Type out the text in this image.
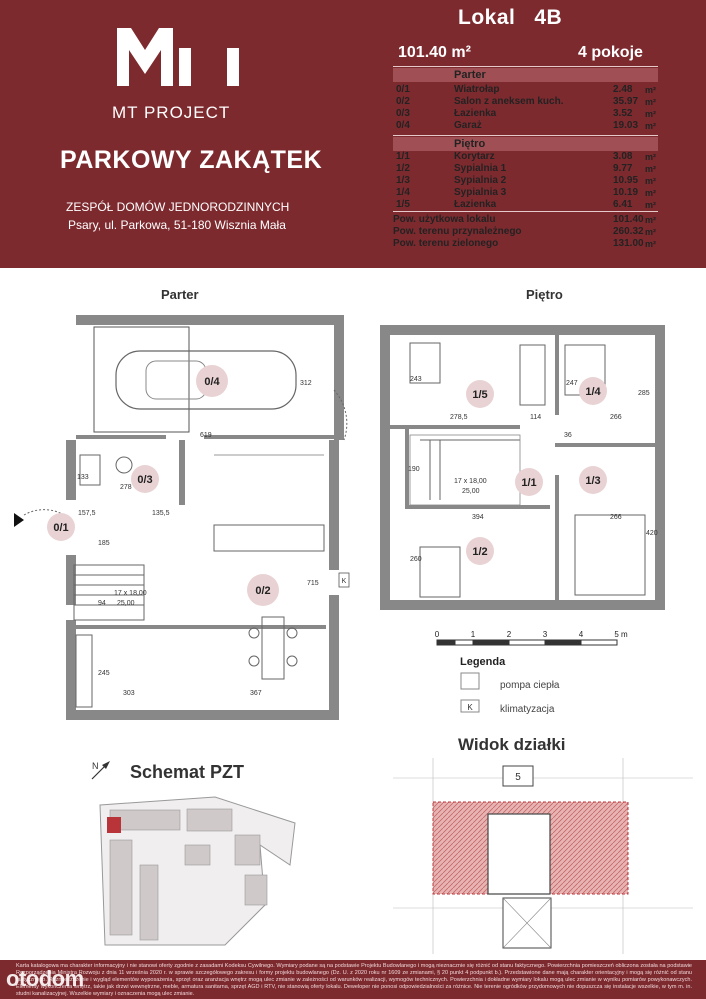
MT PROJECT
PARKOWY ZAKĄTEK
ZESPÓŁ DOMÓW JEDNORODZINNYCH
Psary, ul. Parkowa, 51-180 Wisznia Mała
Lokal   4B
101.40 m²	4 pokoje
Parter
0/1	Wiatrołap	2.48 m²
0/2	Salon z aneksem kuch.	35.97 m²
0/3	Łazienka	3.52 m²
0/4	Garaż	19.03 m²
Piętro
1/1	Korytarz	3.08 m²
1/2	Sypialnia 1	9.77 m²
1/3	Sypialnia 2	10.95 m²
1/4	Sypialnia 3	10.19 m²
1/5	Łazienka	6.41 m²
Pow. użytkowa lokalu	101.40 m²
Pow. terenu przynależnego	260.32 m²
Pow. terenu zielonego	131.00 m²
Parter	Piętro
K
0/4
0/3
0/1
0/2
312
619
133
278
157,5	135,5
185
715
94
17 x 18,00
25,00
245
303	367
1/5	1/4
1/1	1/3
1/2
243
278,5
247
285
114	266
36
190
17 x 18,00
25,00
394	266
420
260
0	1	2	3	4	5 m
Legenda
K
pompa ciepła
klimatyzacja
N Schemat PZT
Widok działki
5
Karta katalogowa ma charakter informacyjny i nie stanowi oferty zgodnie z zasadami Kodeksu Cywilnego. Wymiary podane są na podstawie Projektu Budowlanego i mogą nieznacznie się różnić od stanu faktycznego. Powierzchnia pomieszczeń obliczona została na podstawie Rozporządzenia Ministra Rozwoju z dnia 11 września 2020 r. w sprawie szczegółowego zakresu i formy projektu budowlanego (Dz. U. z 2020 roku nr 1609 ze zmianami, § 20 punkt 4 podpunkt b.). Przedstawione dane mają charakter orientacyjny i mogą się różnić od stanu faktycznego. Rozmieszczenie i wygląd elementów wyposażenia, sprzęt oraz aranżacja wnętrz mogą ulec zmianie w zależności od warunków realizacji, wymogów technicznych. Powierzchnia i dokładne wymiary lokalu mogą ulec zmianie w wyniku pomiarów powykonawczych. Elementy wykończenia wnętrz, takie jak drzwi wewnętrzne, meble, armatura sanitarna, sprzęt AGD i RTV, nie stanowią oferty lokalu. Deweloper nie ponosi odpowiedzialności za różnice. Nie terenie ogródków przydomowych nie dopuszcza się instalacje wszelkie, w tym m. in. studni kanalizacyjnej. Wszelkie wymiary i oznaczenia mogą ulec zmianie.
otodom
